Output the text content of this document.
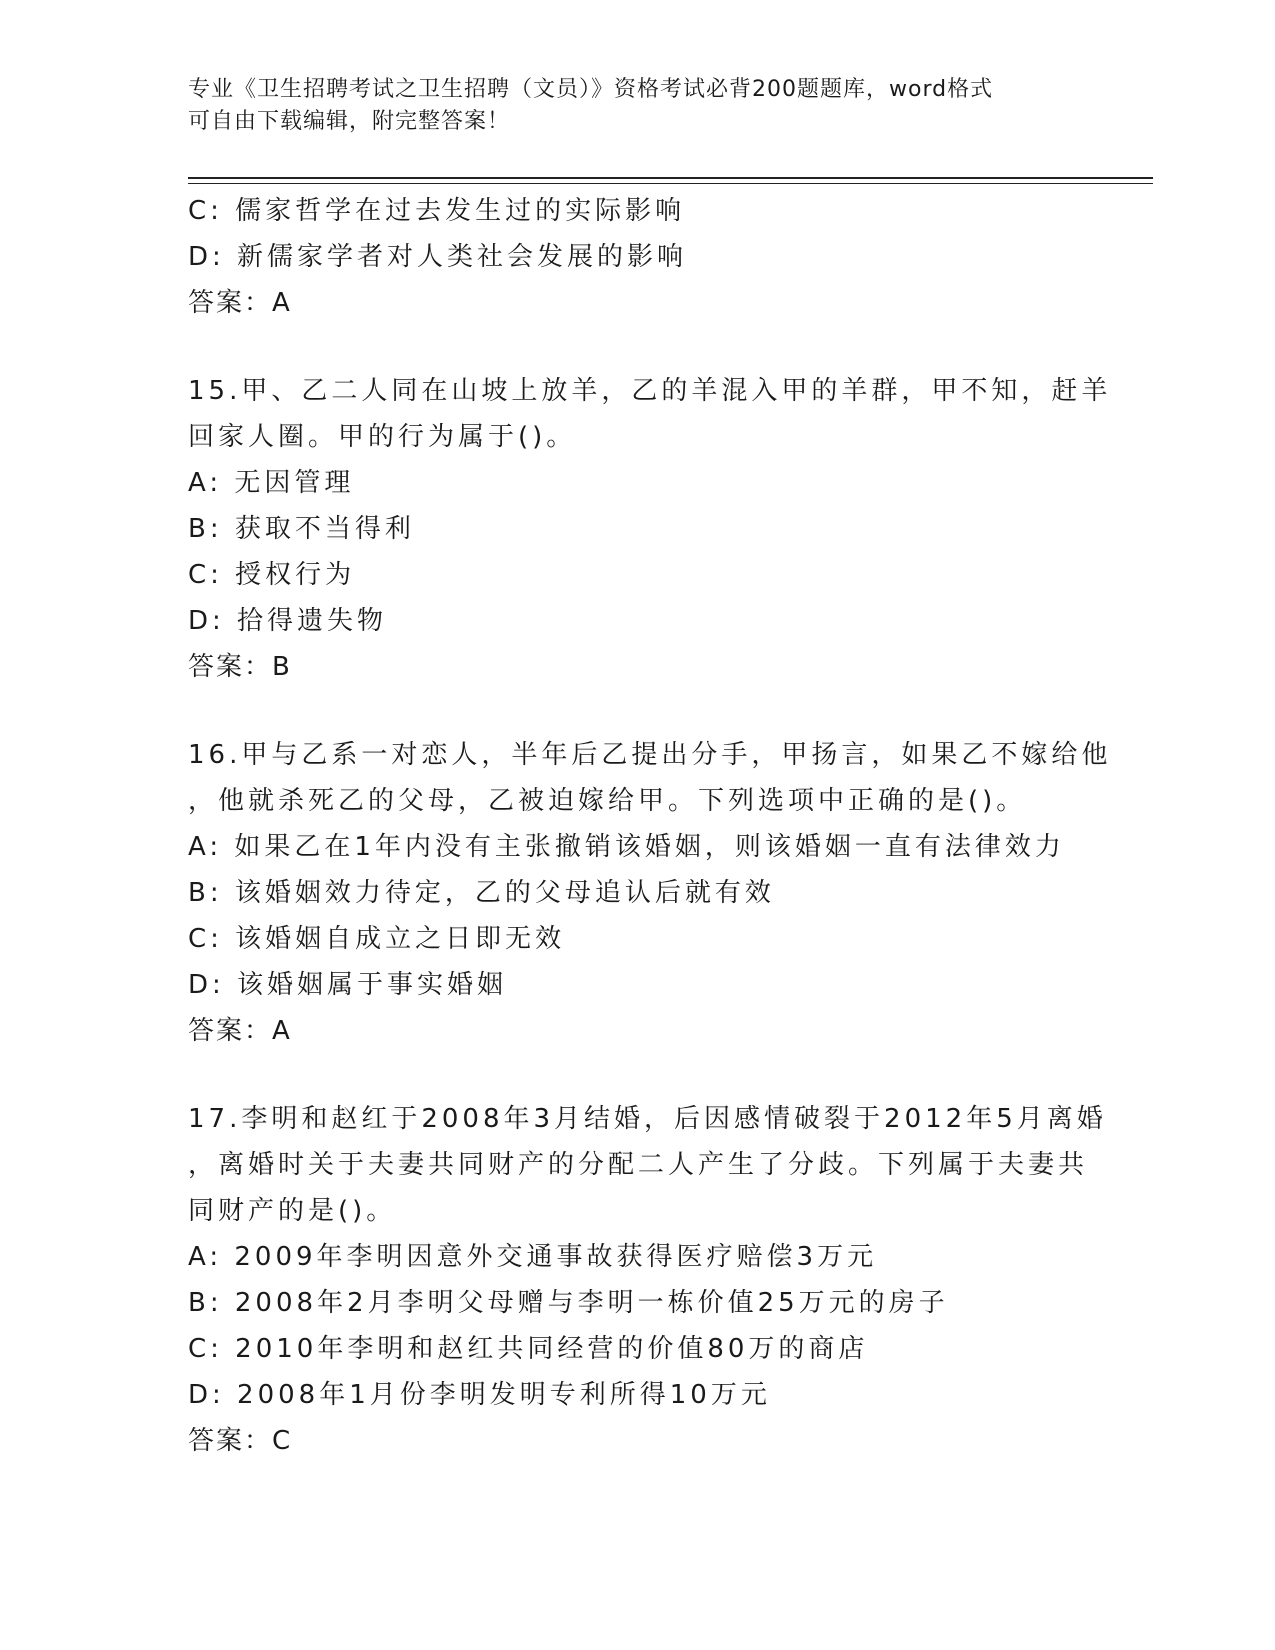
专业《卫生招聘考试之卫生招聘（文员）》资格考试必背200题题库，word格式
可自由下载编辑，附完整答案！
C: 儒家哲学在过去发生过的实际影响
D: 新儒家学者对人类社会发展的影响
答案：A
15.甲、乙二人同在山坡上放羊，乙的羊混入甲的羊群，甲不知，赶羊
回家人圈。甲的行为属于()。
A: 无因管理
B: 获取不当得利
C: 授权行为
D: 拾得遗失物
答案：B
16.甲与乙系一对恋人，半年后乙提出分手，甲扬言，如果乙不嫁给他
，他就杀死乙的父母，乙被迫嫁给甲。下列选项中正确的是()。
A: 如果乙在1年内没有主张撤销该婚姻，则该婚姻一直有法律效力
B: 该婚姻效力待定，乙的父母追认后就有效
C: 该婚姻自成立之日即无效
D: 该婚姻属于事实婚姻
答案：A
17.李明和赵红于2008年3月结婚，后因感情破裂于2012年5月离婚
，离婚时关于夫妻共同财产的分配二人产生了分歧。下列属于夫妻共
同财产的是()。
A: 2009年李明因意外交通事故获得医疗赔偿3万元
B: 2008年2月李明父母赠与李明一栋价值25万元的房子
C: 2010年李明和赵红共同经营的价值80万的商店
D: 2008年1月份李明发明专利所得10万元
答案：C
